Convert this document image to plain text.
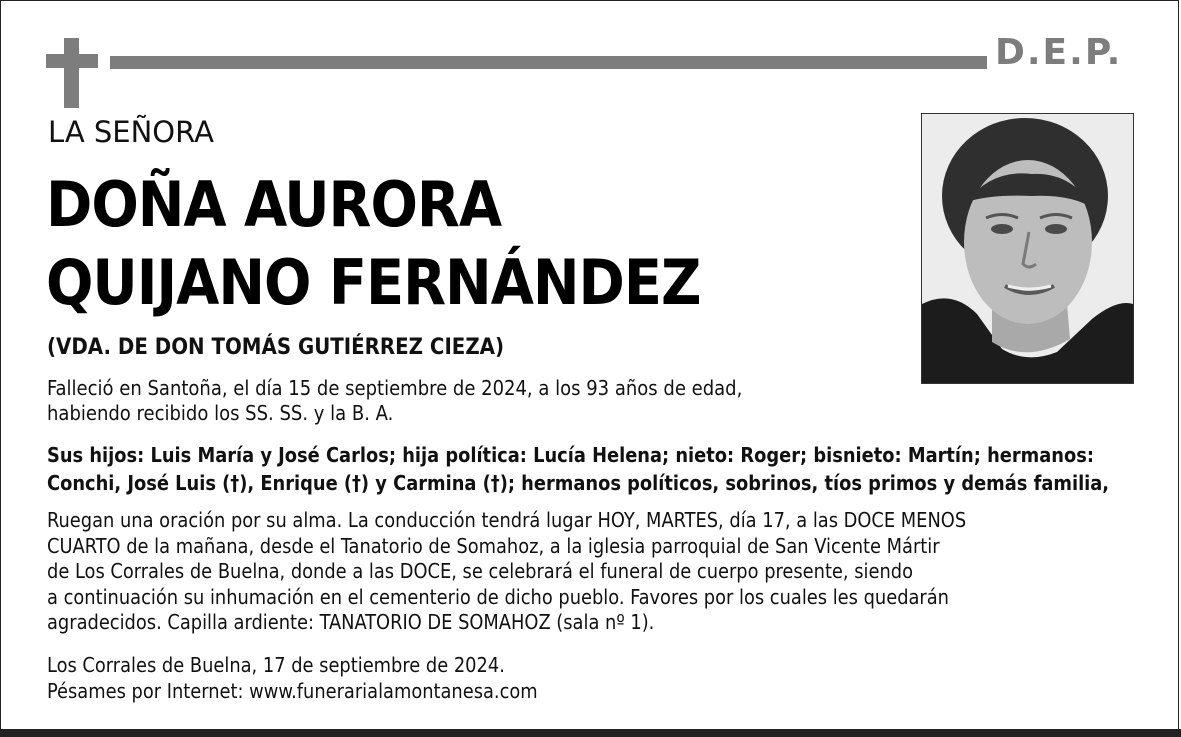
D.E.P.
LA SEÑORA
DOÑA AURORA
QUIJANO FERNÁNDEZ
(VDA. DE DON TOMÁS GUTIÉRREZ CIEZA)
Falleció en Santoña, el día 15 de septiembre de 2024, a los 93 años de edad,
habiendo recibido los SS. SS. y la B. A.
Sus hijos: Luis María y José Carlos; hija política: Lucía Helena; nieto: Roger; bisnieto: Martín; hermanos:
Conchi, José Luis (†), Enrique (†) y Carmina (†); hermanos políticos, sobrinos, tíos primos y demás familia,
Ruegan una oración por su alma. La conducción tendrá lugar HOY, MARTES, día 17, a las DOCE MENOS
CUARTO de la mañana, desde el Tanatorio de Somahoz, a la iglesia parroquial de San Vicente Mártir
de Los Corrales de Buelna, donde a las DOCE, se celebrará el funeral de cuerpo presente, siendo
a continuación su inhumación en el cementerio de dicho pueblo. Favores por los cuales les quedarán
agradecidos. Capilla ardiente: TANATORIO DE SOMAHOZ (sala nº 1).
Los Corrales de Buelna, 17 de septiembre de 2024.
Pésames por Internet: www.funerarialamontanesa.com
